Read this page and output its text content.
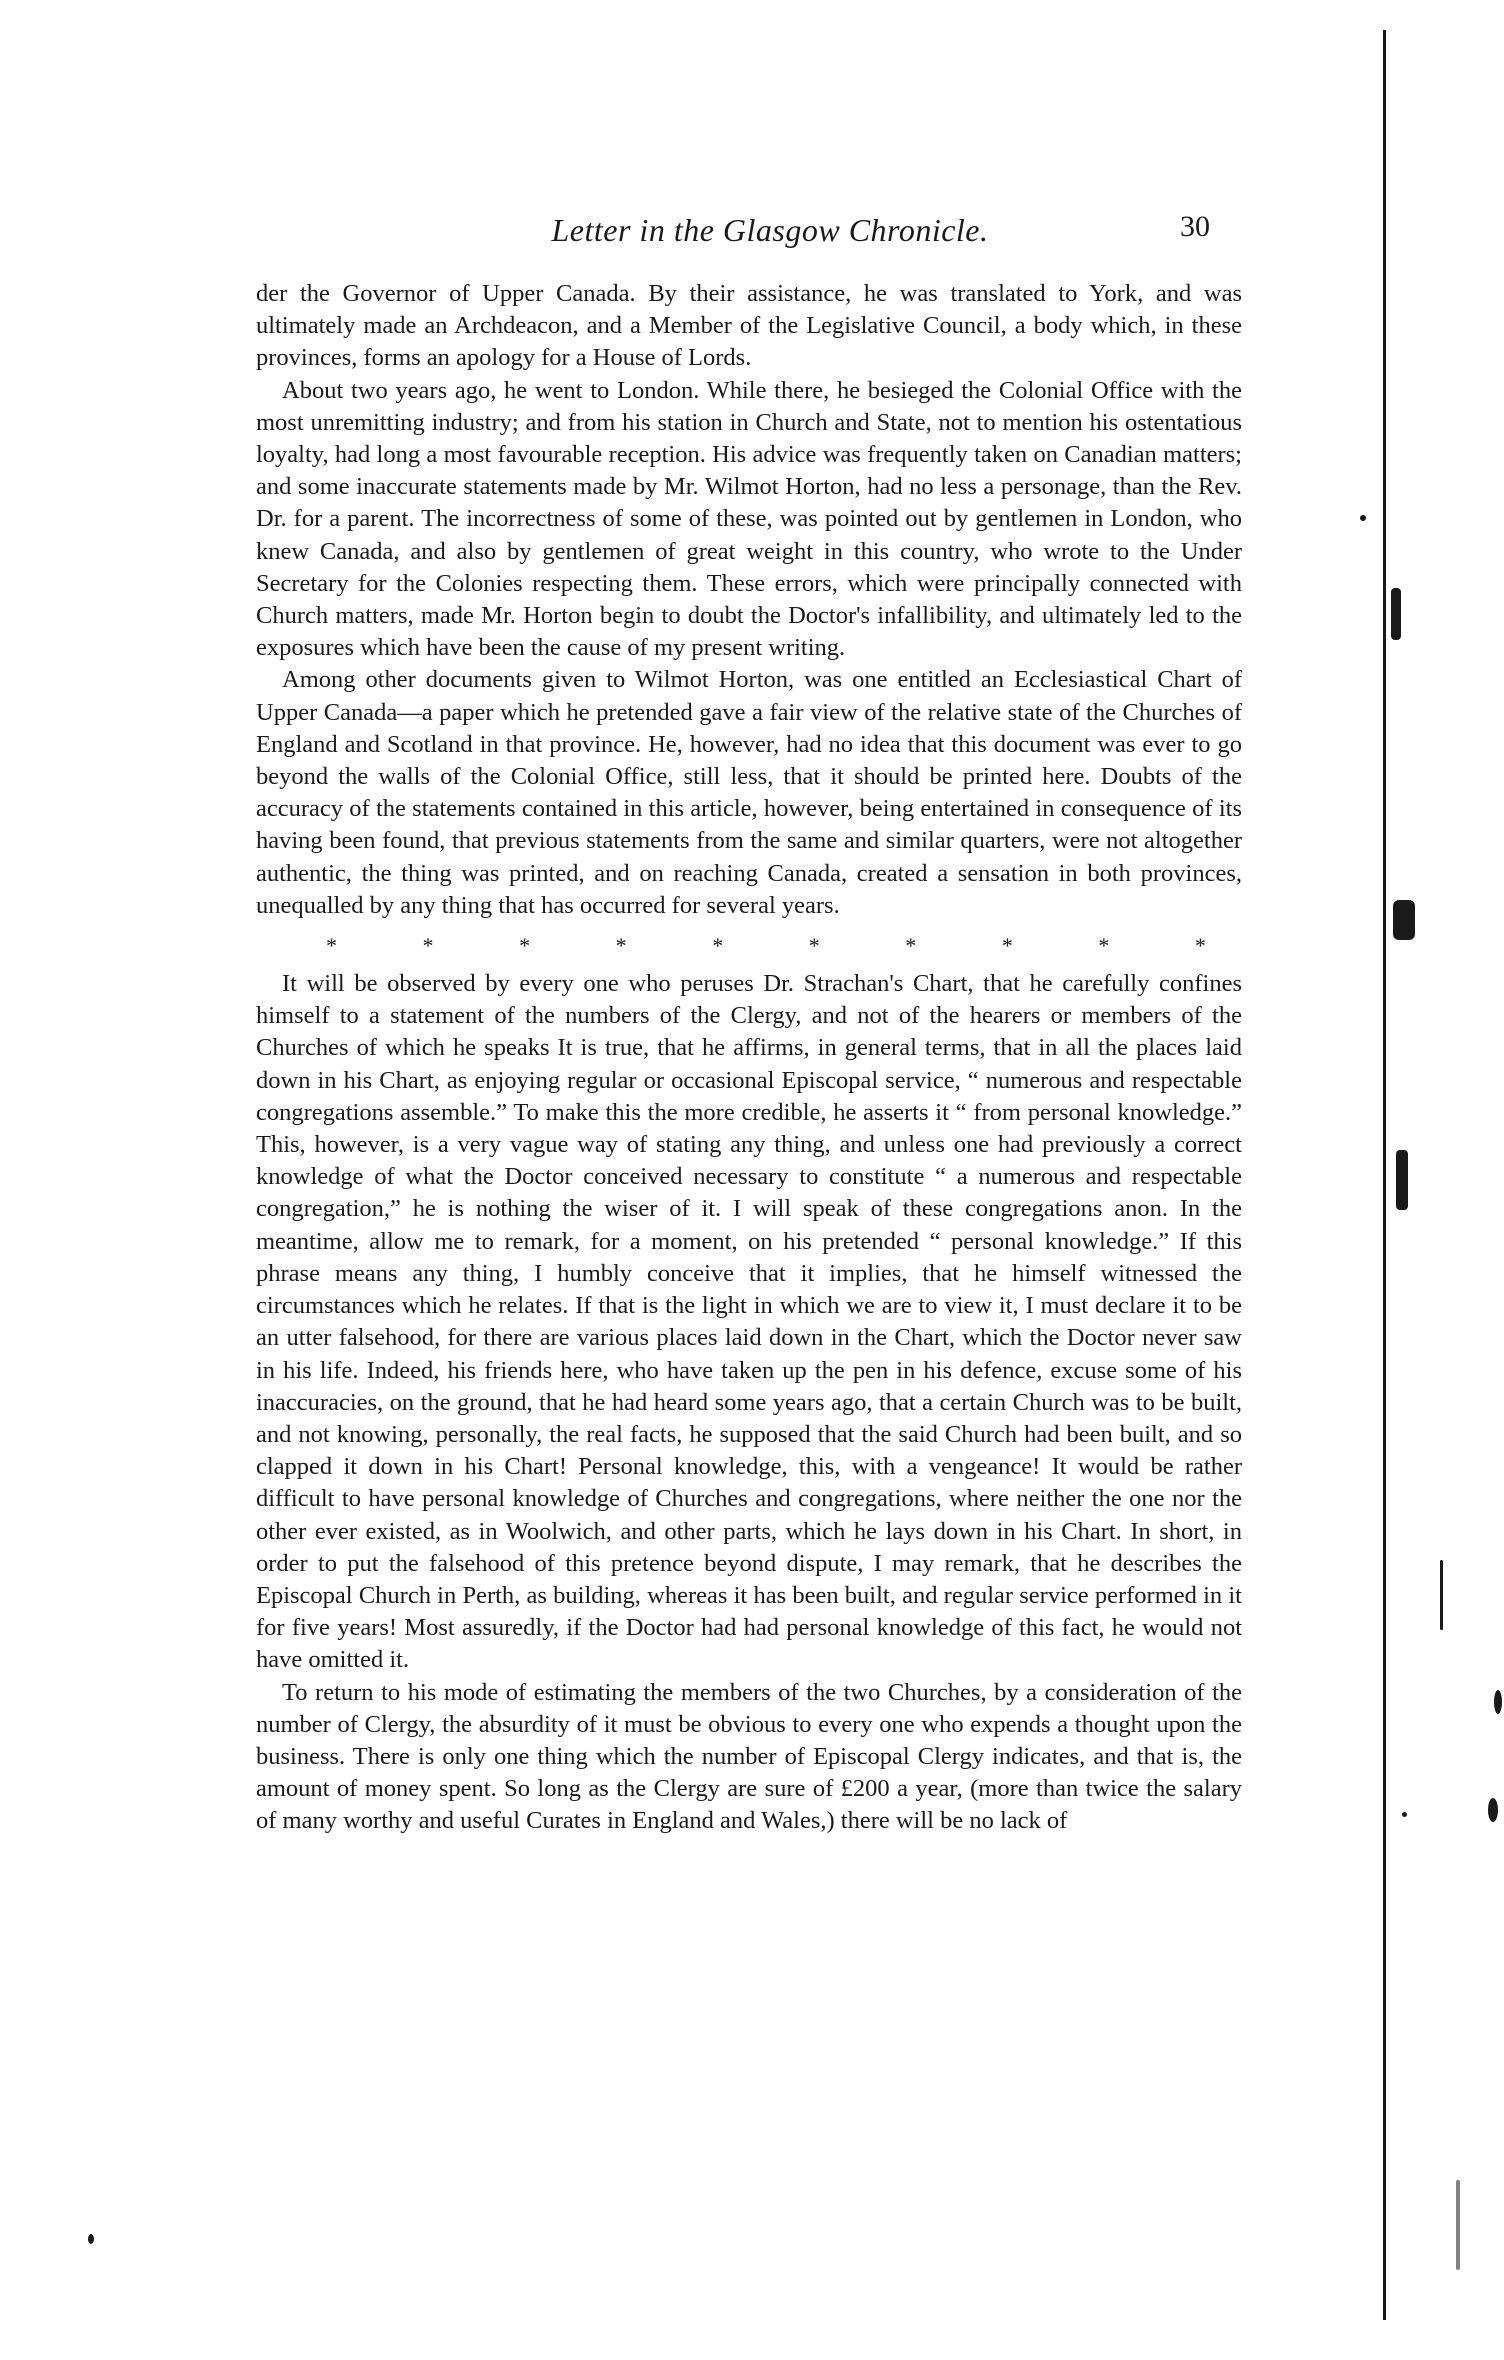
Letter in the Glasgow Chronicle.	30

der the Governor of Upper Canada. By their assistance, he was translated to York, and was ultimately made an Archdeacon, and a Member of the Legislative Council, a body which, in these provinces, forms an apology for a House of Lords.

About two years ago, he went to London. While there, he besieged the Colonial Office with the most unremitting industry; and from his station in Church and State, not to mention his ostentatious loyalty, had long a most favourable reception. His advice was frequently taken on Canadian matters; and some inaccurate statements made by Mr. Wilmot Horton, had no less a personage, than the Rev. Dr. for a parent. The incorrectness of some of these, was pointed out by gentlemen in London, who knew Canada, and also by gentlemen of great weight in this country, who wrote to the Under Secretary for the Colonies respecting them. These errors, which were principally connected with Church matters, made Mr. Horton begin to doubt the Doctor's infallibility, and ultimately led to the exposures which have been the cause of my present writing.

Among other documents given to Wilmot Horton, was one entitled an Ecclesiastical Chart of Upper Canada—a paper which he pretended gave a fair view of the relative state of the Churches of England and Scotland in that province. He, however, had no idea that this document was ever to go beyond the walls of the Colonial Office, still less, that it should be printed here. Doubts of the accuracy of the statements contained in this article, however, being entertained in consequence of its having been found, that previous statements from the same and similar quarters, were not altogether authentic, the thing was printed, and on reaching Canada, created a sensation in both provinces, unequalled by any thing that has occurred for several years.

*	*	*	*	*	*	*	*	*	*

It will be observed by every one who peruses Dr. Strachan's Chart, that he carefully confines himself to a statement of the numbers of the Clergy, and not of the hearers or members of the Churches of which he speaks It is true, that he affirms, in general terms, that in all the places laid down in his Chart, as enjoying regular or occasional Episcopal service, “ numerous and respectable congregations assemble.” To make this the more credible, he asserts it “ from personal knowledge.” This, however, is a very vague way of stating any thing, and unless one had previously a correct knowledge of what the Doctor conceived necessary to constitute “ a numerous and respectable congregation,” he is nothing the wiser of it. I will speak of these congregations anon. In the meantime, allow me to remark, for a moment, on his pretended “ personal knowledge.” If this phrase means any thing, I humbly conceive that it implies, that he himself witnessed the circumstances which he relates. If that is the light in which we are to view it, I must declare it to be an utter falsehood, for there are various places laid down in the Chart, which the Doctor never saw in his life. Indeed, his friends here, who have taken up the pen in his defence, excuse some of his inaccuracies, on the ground, that he had heard some years ago, that a certain Church was to be built, and not knowing, personally, the real facts, he supposed that the said Church had been built, and so clapped it down in his Chart! Personal knowledge, this, with a vengeance! It would be rather difficult to have personal knowledge of Churches and congregations, where neither the one nor the other ever existed, as in Woolwich, and other parts, which he lays down in his Chart. In short, in order to put the falsehood of this pretence beyond dispute, I may remark, that he describes the Episcopal Church in Perth, as building, whereas it has been built, and regular service performed in it for five years! Most assuredly, if the Doctor had had personal knowledge of this fact, he would not have omitted it.

To return to his mode of estimating the members of the two Churches, by a consideration of the number of Clergy, the absurdity of it must be obvious to every one who expends a thought upon the business. There is only one thing which the number of Episcopal Clergy indicates, and that is, the amount of money spent. So long as the Clergy are sure of £200 a year, (more than twice the salary of many worthy and useful Curates in England and Wales,) there will be no lack of
